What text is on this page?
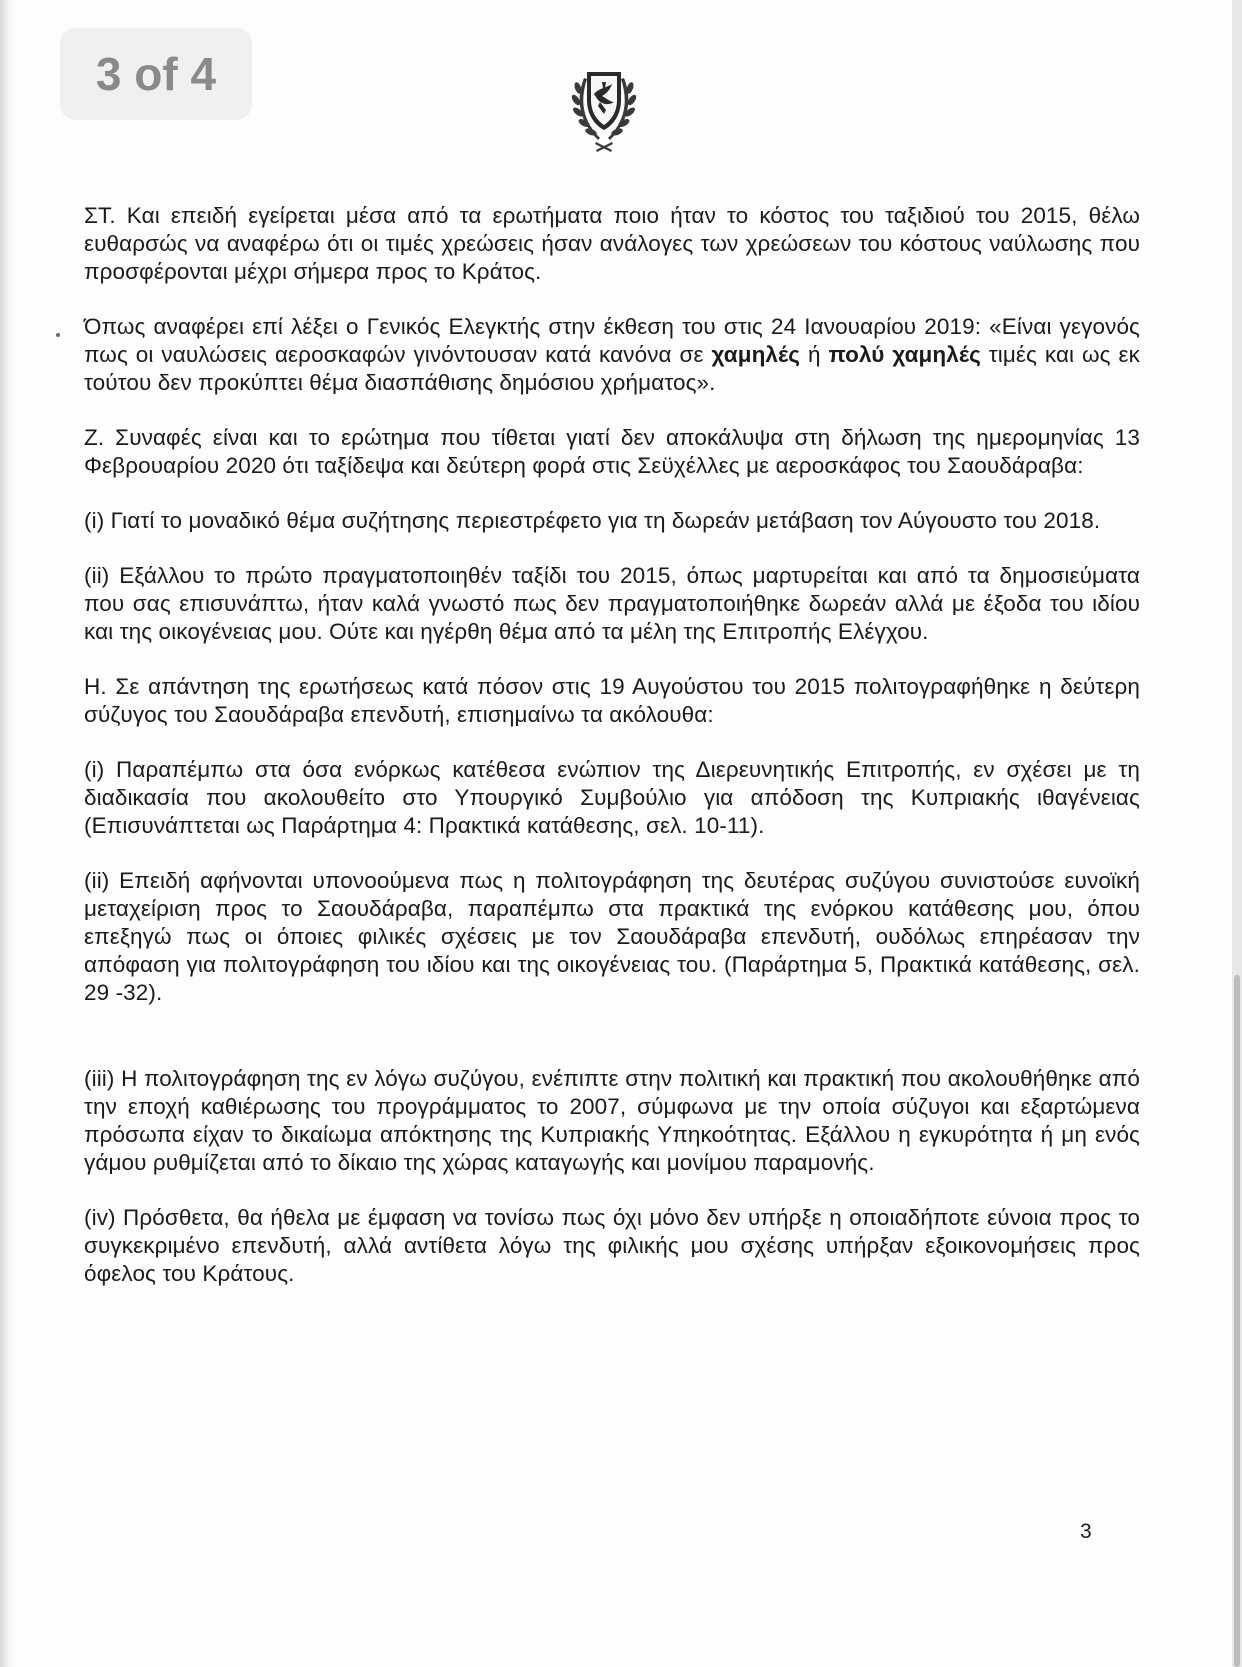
3 of 4

ΣΤ. Και επειδή εγείρεται μέσα από τα ερωτήματα ποιο ήταν το κόστος του ταξιδιού του 2015, θέλω ευθαρσώς να αναφέρω ότι οι τιμές χρεώσεις ήσαν ανάλογες των χρεώσεων του κόστους ναύλωσης που προσφέρονται μέχρι σήμερα προς το Κράτος.

Όπως αναφέρει επί λέξει ο Γενικός Ελεγκτής στην έκθεση του στις 24 Ιανουαρίου 2019: «Είναι γεγονός πως οι ναυλώσεις αεροσκαφών γινόντουσαν κατά κανόνα σε χαμηλές ή πολύ χαμηλές τιμές και ως εκ τούτου δεν προκύπτει θέμα διασπάθισης δημόσιου χρήματος».

Ζ. Συναφές είναι και το ερώτημα που τίθεται γιατί δεν αποκάλυψα στη δήλωση της ημερομηνίας 13 Φεβρουαρίου 2020 ότι ταξίδεψα και δεύτερη φορά στις Σεϋχέλλες με αεροσκάφος του Σαουδάραβα:

(i) Γιατί το μοναδικό θέμα συζήτησης περιεστρέφετο για τη δωρεάν μετάβαση τον Αύγουστο του 2018.

(ii) Εξάλλου το πρώτο πραγματοποιηθέν ταξίδι του 2015, όπως μαρτυρείται και από τα δημοσιεύματα που σας επισυνάπτω, ήταν καλά γνωστό πως δεν πραγματοποιήθηκε δωρεάν αλλά με έξοδα του ιδίου και της οικογένειας μου. Ούτε και ηγέρθη θέμα από τα μέλη της Επιτροπής Ελέγχου.

Η. Σε απάντηση της ερωτήσεως κατά πόσον στις 19 Αυγούστου του 2015 πολιτογραφήθηκε η δεύτερη σύζυγος του Σαουδάραβα επενδυτή, επισημαίνω τα ακόλουθα:

(i) Παραπέμπω στα όσα ενόρκως κατέθεσα ενώπιον της Διερευνητικής Επιτροπής, εν σχέσει με τη διαδικασία που ακολουθείτο στο Υπουργικό Συμβούλιο για απόδοση της Κυπριακής ιθαγένειας (Επισυνάπτεται ως Παράρτημα 4: Πρακτικά κατάθεσης, σελ. 10-11).

(ii) Επειδή αφήνονται υπονοούμενα πως η πολιτογράφηση της δευτέρας συζύγου συνιστούσε ευνοϊκή μεταχείριση προς το Σαουδάραβα, παραπέμπω στα πρακτικά της ενόρκου κατάθεσης μου, όπου επεξηγώ πως οι όποιες φιλικές σχέσεις με τον Σαουδάραβα επενδυτή, ουδόλως επηρέασαν την απόφαση για πολιτογράφηση του ιδίου και της οικογένειας του. (Παράρτημα 5, Πρακτικά κατάθεσης, σελ. 29 -32).

(iii) Η πολιτογράφηση της εν λόγω συζύγου, ενέπιπτε στην πολιτική και πρακτική που ακολουθήθηκε από την εποχή καθιέρωσης του προγράμματος το 2007, σύμφωνα με την οποία σύζυγοι και εξαρτώμενα πρόσωπα είχαν το δικαίωμα απόκτησης της Κυπριακής Υπηκοότητας. Εξάλλου η εγκυρότητα ή μη ενός γάμου ρυθμίζεται από το δίκαιο της χώρας καταγωγής και μονίμου παραμονής.

(iv) Πρόσθετα, θα ήθελα με έμφαση να τονίσω πως όχι μόνο δεν υπήρξε η οποιαδήποτε εύνοια προς το συγκεκριμένο επενδυτή, αλλά αντίθετα λόγω της φιλικής μου σχέσης υπήρξαν εξοικονομήσεις προς όφελος του Κράτους.

3
